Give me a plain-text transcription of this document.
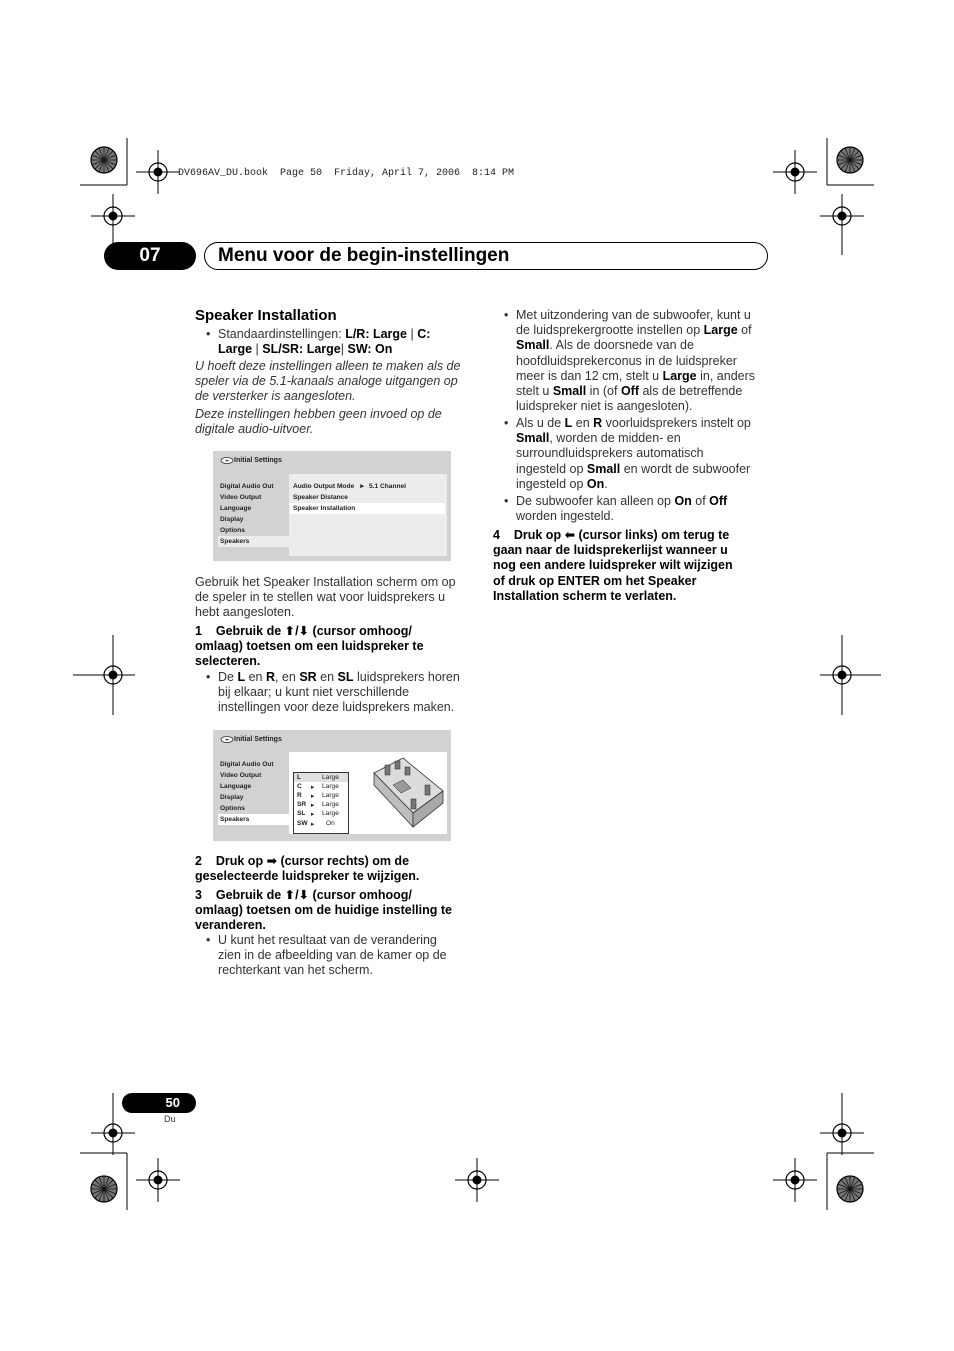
DV696AV_DU.book  Page 50  Friday, April 7, 2006  8:14 PM
07	Menu voor de begin-instellingen
Speaker Installation
• Standaardinstellingen: L/R: Large | C:
Large | SL/SR: Large| SW: On
U hoeft deze instellingen alleen te maken als de
speler via de 5.1-kanaals analoge uitgangen op
de versterker is aangesloten.
Deze instellingen hebben geen invoed op de
digitale audio-uitvoer.
Initial Settings
Digital Audio Out
Video Output
Language
Display
Options
Speakers
Audio Output Mode ► 5.1 Channel
Speaker Distance
Speaker Installation
Gebruik het Speaker Installation scherm om op
de speler in te stellen wat voor luidsprekers u
hebt aangesloten.
1 Gebruik de ⬆/⬇ (cursor omhoog/
omlaag) toetsen om een luidspreker te
selecteren.
• De L en R, en SR en SL luidsprekers horen
bij elkaar; u kunt niet verschillende
instellingen voor deze luidsprekers maken.
Initial Settings
Digital Audio Out
Video Output
Language
Display
Options
Speakers
L	Large
C ▸ Large
R ▸ Large
SR ▸ Large
SL ▸ Large
SW ▸ On
2 Druk op ➡ (cursor rechts) om de
geselecteerde luidspreker te wijzigen.
3 Gebruik de ⬆/⬇ (cursor omhoog/
omlaag) toetsen om de huidige instelling te
veranderen.
• U kunt het resultaat van de verandering
zien in de afbeelding van de kamer op de
rechterkant van het scherm.
• Met uitzondering van de subwoofer, kunt u
de luidsprekergrootte instellen op Large of
Small. Als de doorsnede van de
hoofdluidsprekerconus in de luidspreker
meer is dan 12 cm, stelt u Large in, anders
stelt u Small in (of Off als de betreffende
luidspreker niet is aangesloten).
• Als u de L en R voorluidsprekers instelt op
Small, worden de midden- en
surroundluidsprekers automatisch
ingesteld op Small en wordt de subwoofer
ingesteld op On.
• De subwoofer kan alleen op On of Off
worden ingesteld.
4 Druk op ⬅ (cursor links) om terug te
gaan naar de luidsprekerlijst wanneer u
nog een andere luidspreker wilt wijzigen
of druk op ENTER om het Speaker
Installation scherm te verlaten.
50
Du
